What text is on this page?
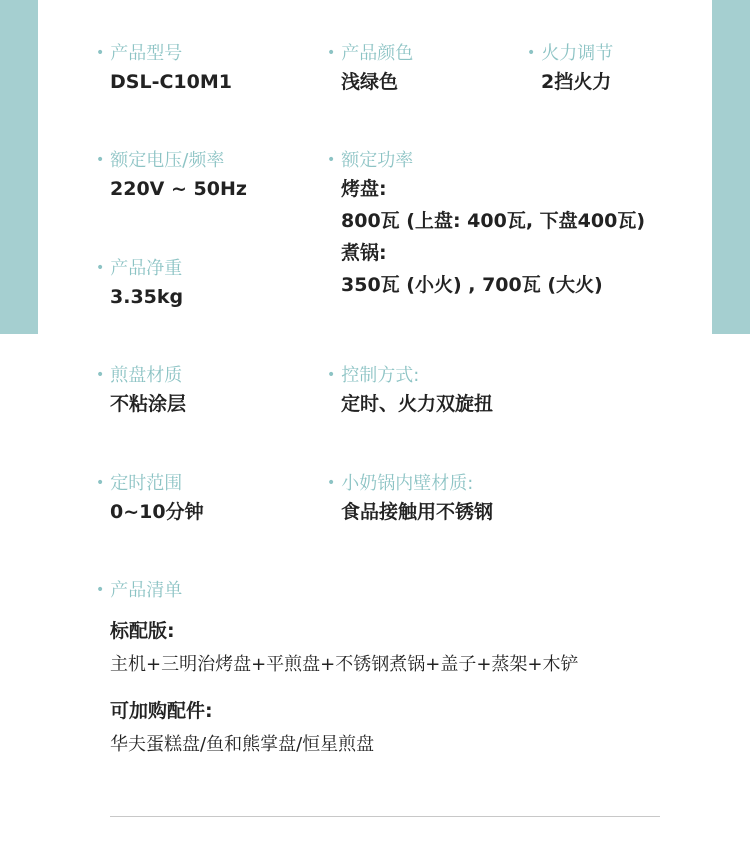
• 产品型号
DSL-C10M1
• 产品颜色
浅绿色
• 火力调节
2挡火力
• 额定电压/频率
220V ~ 50Hz
• 额定功率
烤盘:
800瓦 (上盘: 400瓦, 下盘400瓦)
煮锅:
350瓦 (小火) , 700瓦 (大火)
• 产品净重
3.35kg
• 煎盘材质
不粘涂层
• 控制方式:
定时、火力双旋扭
• 定时范围
0~10分钟
• 小奶锅内壁材质:
食品接触用不锈钢
• 产品清单
标配版:
主机+三明治烤盘+平煎盘+不锈钢煮锅+盖子+蒸架+木铲
可加购配件:
华夫蛋糕盘/鱼和熊掌盘/恒星煎盘
